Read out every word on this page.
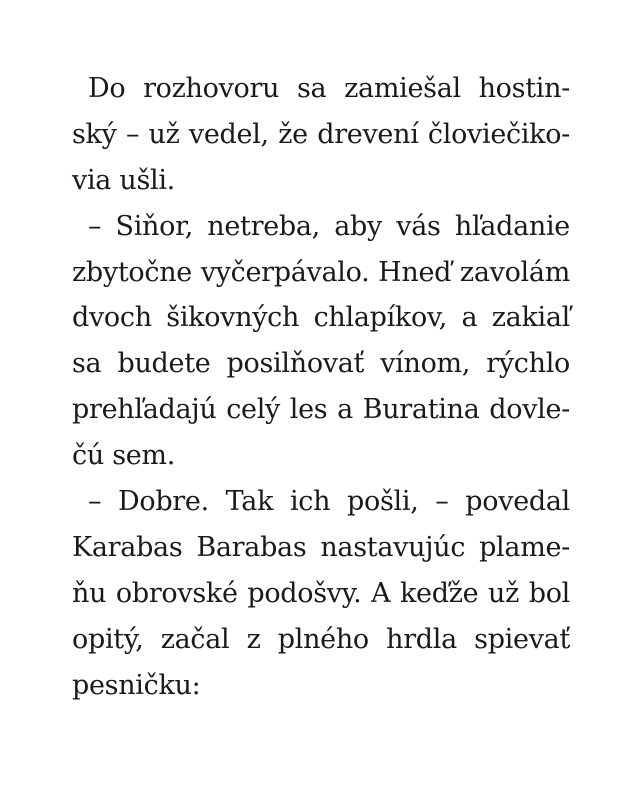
Do rozhovoru sa zamiešal hostin-
ský – už vedel, že drevení človiečiko-
via ušli.
– Siňor, netreba, aby vás hľadanie
zbytočne vyčerpávalo. Hneď zavolám
dvoch šikovných chlapíkov, a zakiaľ
sa budete posilňovať vínom, rýchlo
prehľadajú celý les a Buratina dovle-
čú sem.
– Dobre. Tak ich pošli, – povedal
Karabas Barabas nastavujúc plame-
ňu obrovské podošvy. A keďže už bol
opitý, začal z plného hrdla spievať
pesničku:
